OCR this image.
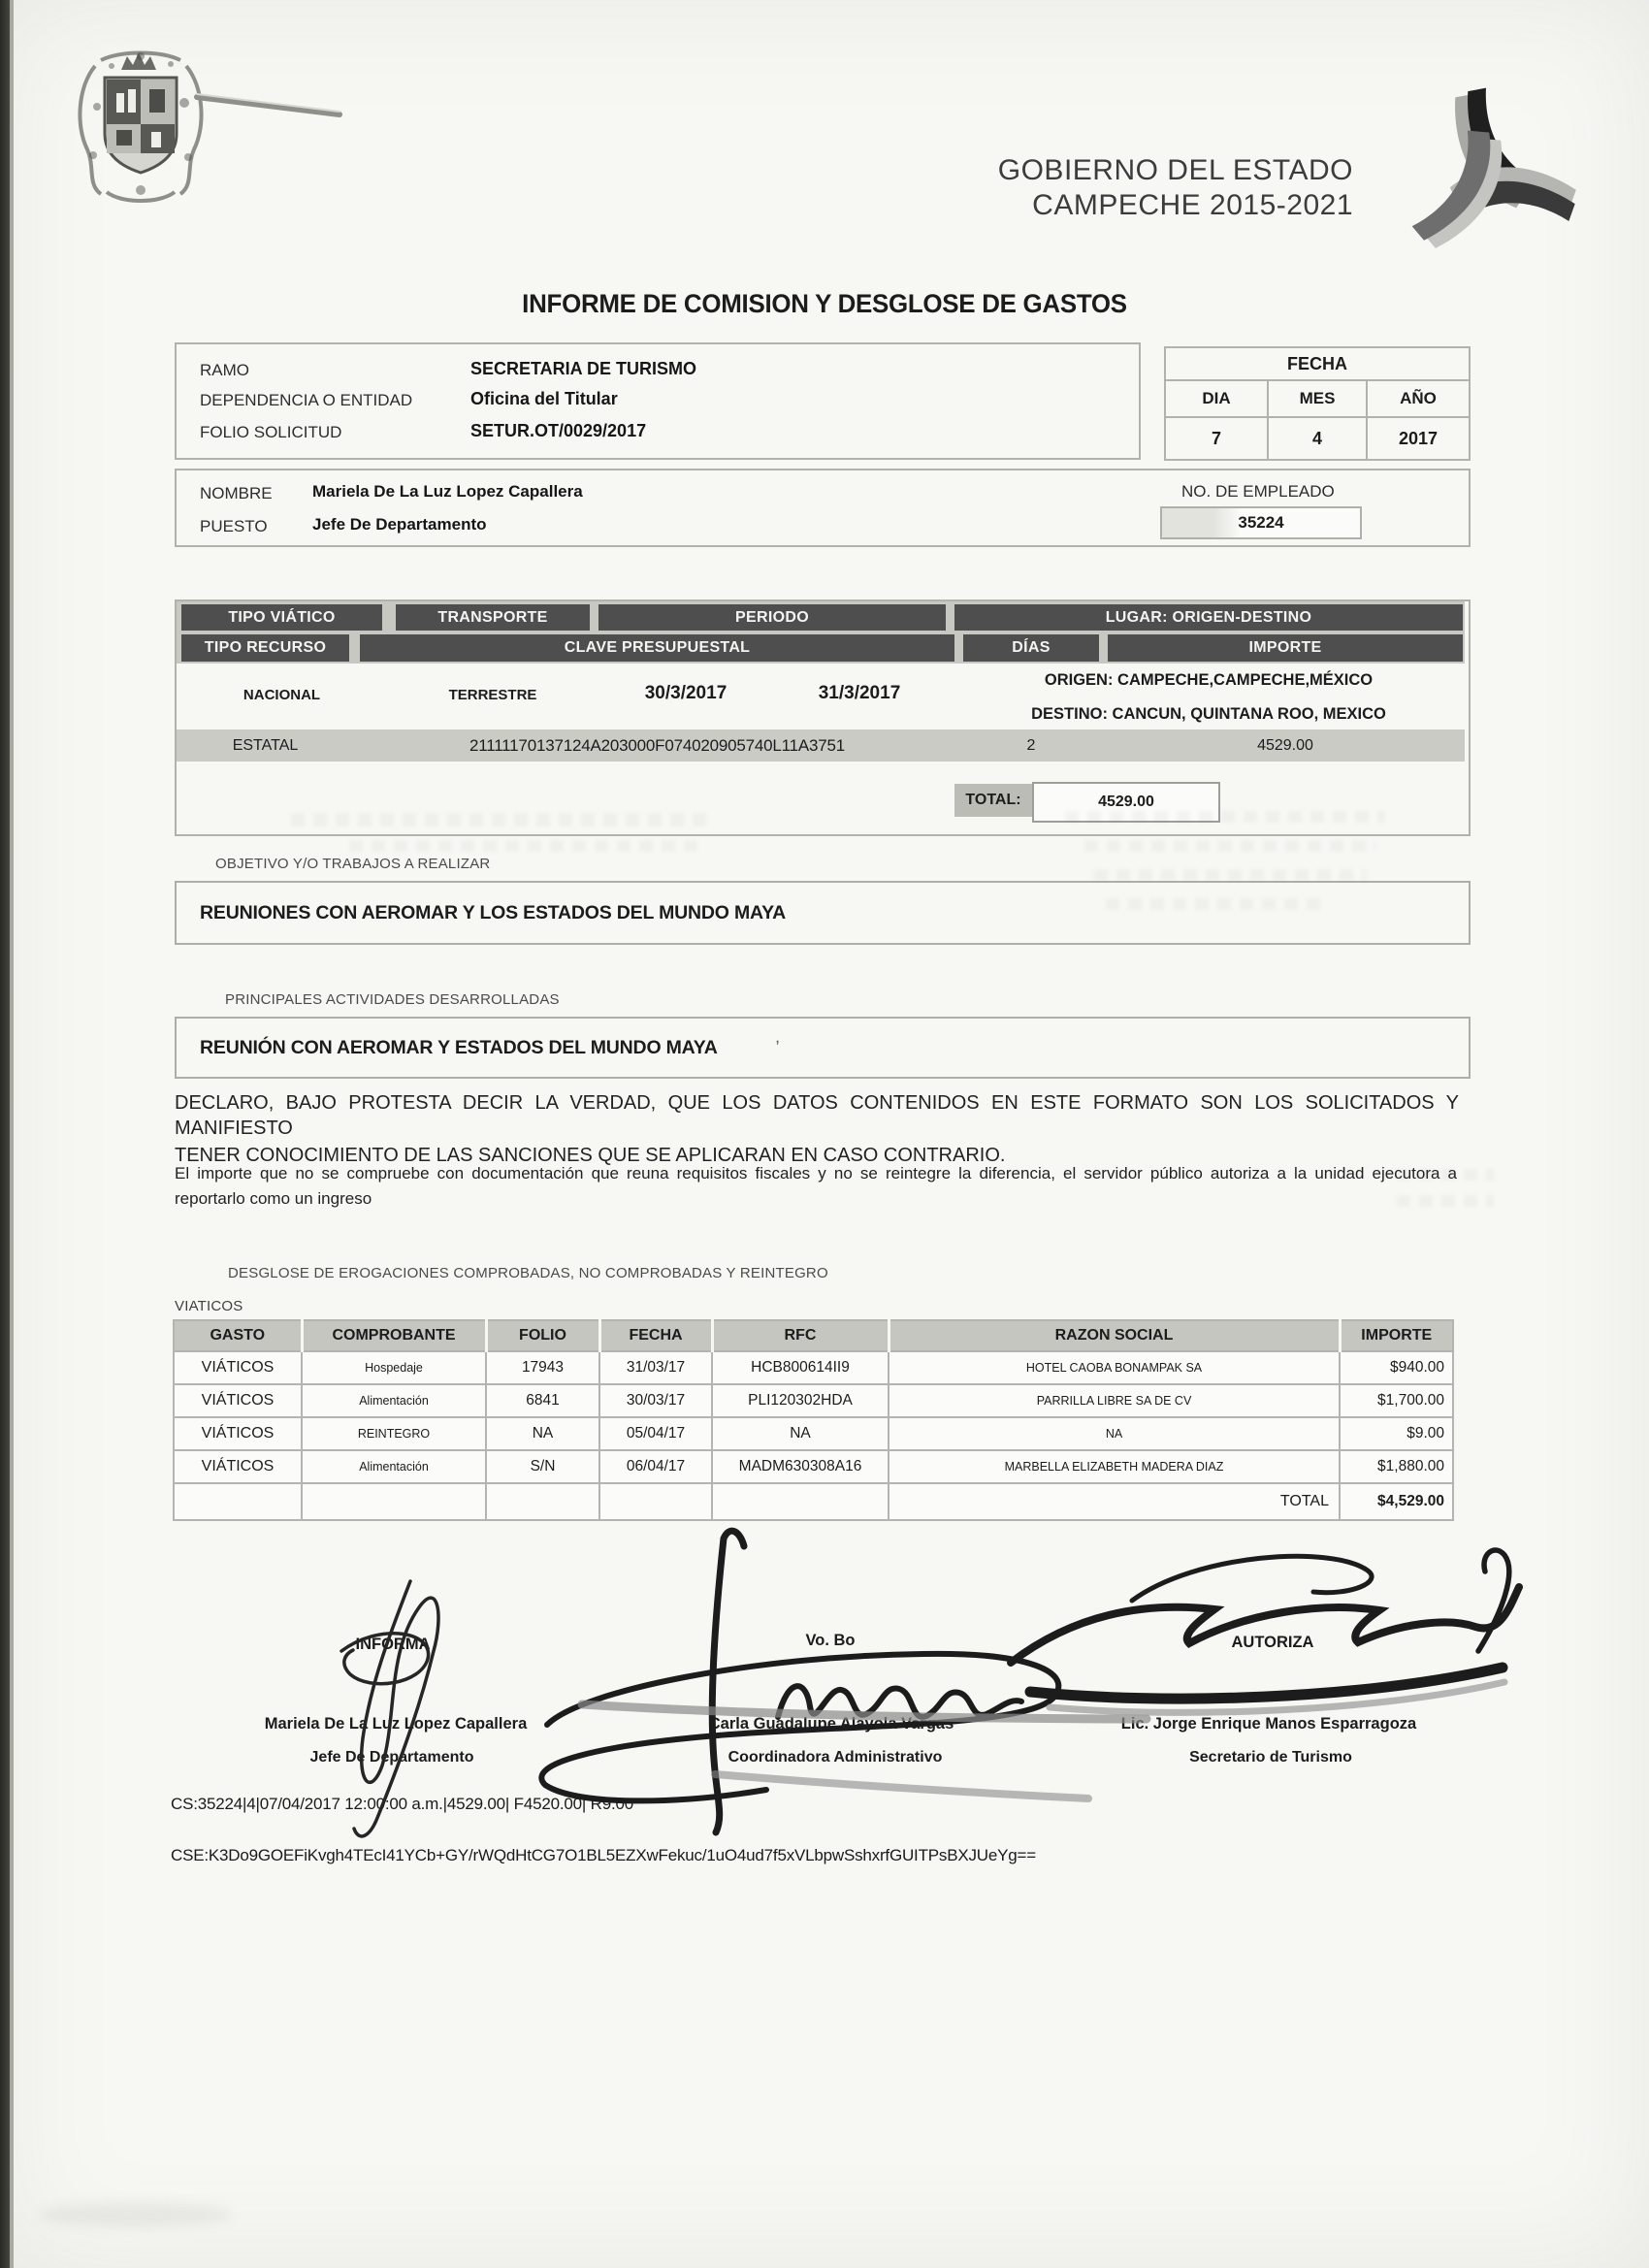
GOBIERNO DEL ESTADO
CAMPECHE 2015-2021
INFORME DE COMISION Y DESGLOSE DE GASTOS
RAMO	SECRETARIA DE TURISMO
DEPENDENCIA O ENTIDAD	Oficina del Titular
FOLIO SOLICITUD	SETUR.OT/0029/2017
FECHA
DIA	MES	AÑO
7	4	2017
NOMBRE Mariela De La Luz Lopez Capallera
PUESTO	Jefe De Departamento
NO. DE EMPLEADO
35224
TIPO VIÁTICO	TRANSPORTE	PERIODO	LUGAR: ORIGEN-DESTINO
TIPO RECURSO	CLAVE PRESUPUESTAL	DÍAS	IMPORTE
NACIONAL	TERRESTRE	30/3/2017	31/3/2017
ORIGEN: CAMPECHE,CAMPECHE,MÉXICO
DESTINO: CANCUN, QUINTANA ROO, MEXICO
ESTATAL	21111170137124A203000F074020905740L11A3751	2	4529.00
TOTAL:	4529.00
OBJETIVO Y/O TRABAJOS A REALIZAR
REUNIONES CON AEROMAR Y LOS ESTADOS DEL MUNDO MAYA
PRINCIPALES ACTIVIDADES DESARROLLADAS
REUNIÓN CON AEROMAR Y ESTADOS DEL MUNDO MAYA	ʼ
DECLARO, BAJO PROTESTA DECIR LA VERDAD, QUE LOS DATOS CONTENIDOS EN ESTE FORMATO SON LOS SOLICITADOS Y MANIFIESTO
TENER CONOCIMIENTO DE LAS SANCIONES QUE SE APLICARAN EN CASO CONTRARIO.
El importe que no se compruebe con documentación que reuna requisitos fiscales y no se reintegre la diferencia, el servidor público autoriza a la unidad ejecutora a
reportarlo como un ingreso
DESGLOSE DE EROGACIONES COMPROBADAS, NO COMPROBADAS Y REINTEGRO
VIATICOS
GASTO	COMPROBANTE	FOLIO	FECHA	RFC	RAZON SOCIAL	IMPORTE
VIÁTICOS	Hospedaje	17943	31/03/17	HCB800614II9	HOTEL CAOBA BONAMPAK SA	$940.00
VIÁTICOS	Alimentación	6841	30/03/17	PLI120302HDA	PARRILLA LIBRE SA DE CV	$1,700.00
VIÁTICOS	REINTEGRO	NA	05/04/17	NA	NA	$9.00
VIÁTICOS	Alimentación	S/N	06/04/17	MADM630308A16	MARBELLA ELIZABETH MADERA DIAZ	$1,880.00
					TOTAL	$4,529.00
INFORMA	Vo. Bo	AUTORIZA
Mariela De La Luz Lopez Capallera	Carla Guadalupe Alayola Vargas	Lic. Jorge Enrique Manos Esparragoza
Jefe De Departamento	Coordinadora Administrativo	Secretario de Turismo
CS:35224|4|07/04/2017 12:00:00 a.m.|4529.00| F4520.00| R9.00
CSE:K3Do9GOEFiKvgh4TEcI41YCb+GY/rWQdHtCG7O1BL5EZXwFekuc/1uO4ud7f5xVLbpwSshxrfGUITPsBXJUeYg==
